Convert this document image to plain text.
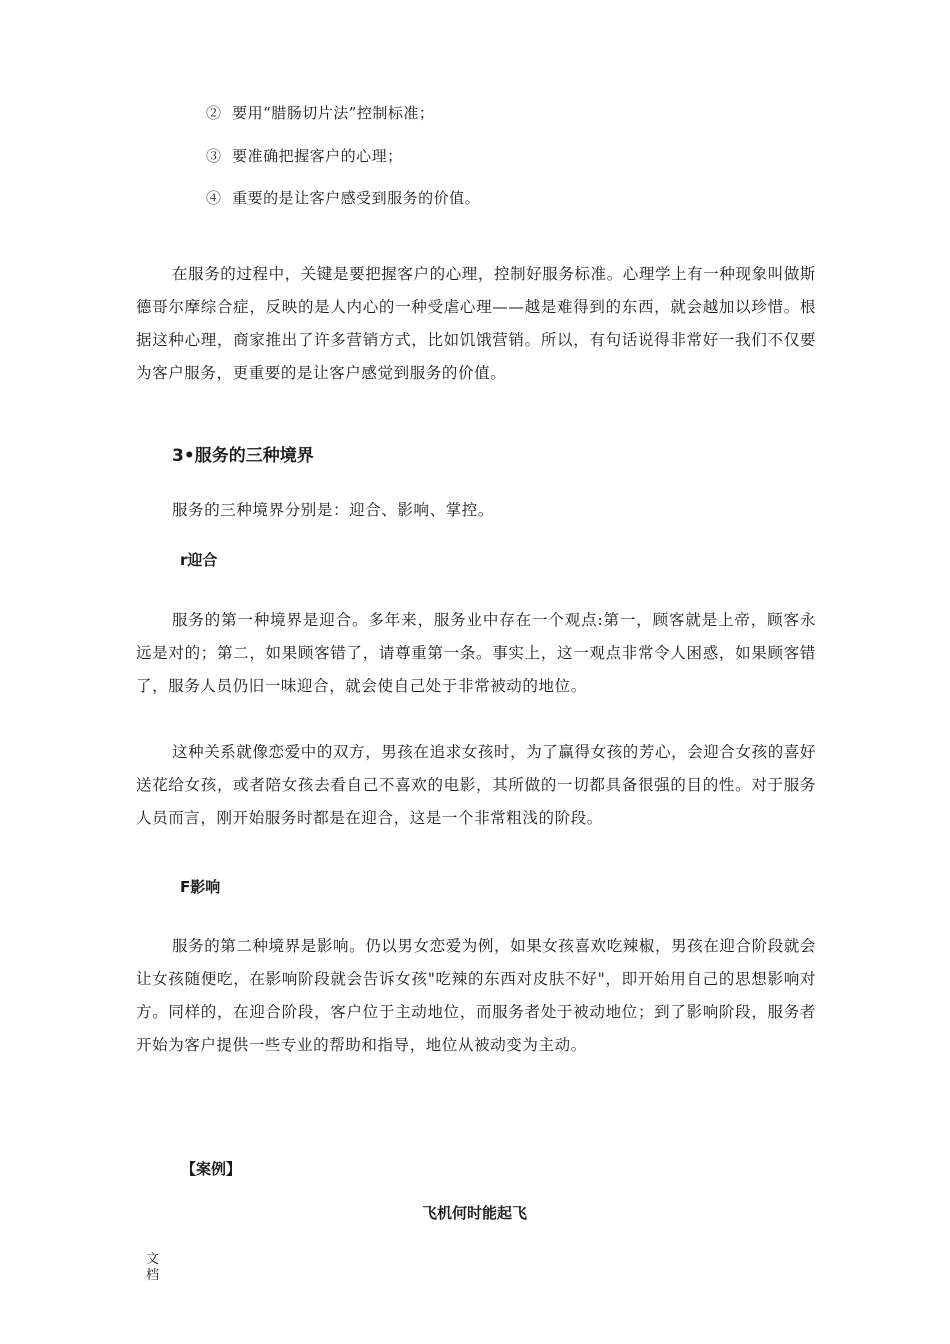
② 要用“腊肠切片法”控制标准；
③ 要准确把握客户的心理；
④ 重要的是让客户感受到服务的价值。

在服务的过程中，关键是要把握客户的心理，控制好服务标准。心理学上有一种现象叫做斯德哥尔摩综合症，反映的是人内心的一种受虐心理——越是难得到的东西，就会越加以珍惜。根据这种心理，商家推出了许多营销方式，比如饥饿营销。所以，有句话说得非常好一我们不仅要为客户服务，更重要的是让客户感觉到服务的价值。

3•服务的三种境界
服务的三种境界分别是：迎合、影响、掌控。
r迎合

服务的第一种境界是迎合。多年来，服务业中存在一个观点:第一，顾客就是上帝，顾客永远是对的；第二，如果顾客错了，请尊重第一条。事实上，这一观点非常令人困惑，如果顾客错了，服务人员仍旧一味迎合，就会使自己处于非常被动的地位。

这种关系就像恋爱中的双方，男孩在追求女孩时，为了赢得女孩的芳心，会迎合女孩的喜好送花给女孩，或者陪女孩去看自己不喜欢的电影，其所做的一切都具备很强的目的性。对于服务人员而言，刚开始服务时都是在迎合，这是一个非常粗浅的阶段。

F影响

服务的第二种境界是影响。仍以男女恋爱为例，如果女孩喜欢吃辣椒，男孩在迎合阶段就会让女孩随便吃，在影响阶段就会告诉女孩"吃辣的东西对皮肤不好"，即开始用自己的思想影响对方。同样的，在迎合阶段，客户位于主动地位，而服务者处于被动地位；到了影响阶段，服务者开始为客户提供一些专业的帮助和指导，地位从被动变为主动。

【案例】
飞机何时能起飞
文
档
